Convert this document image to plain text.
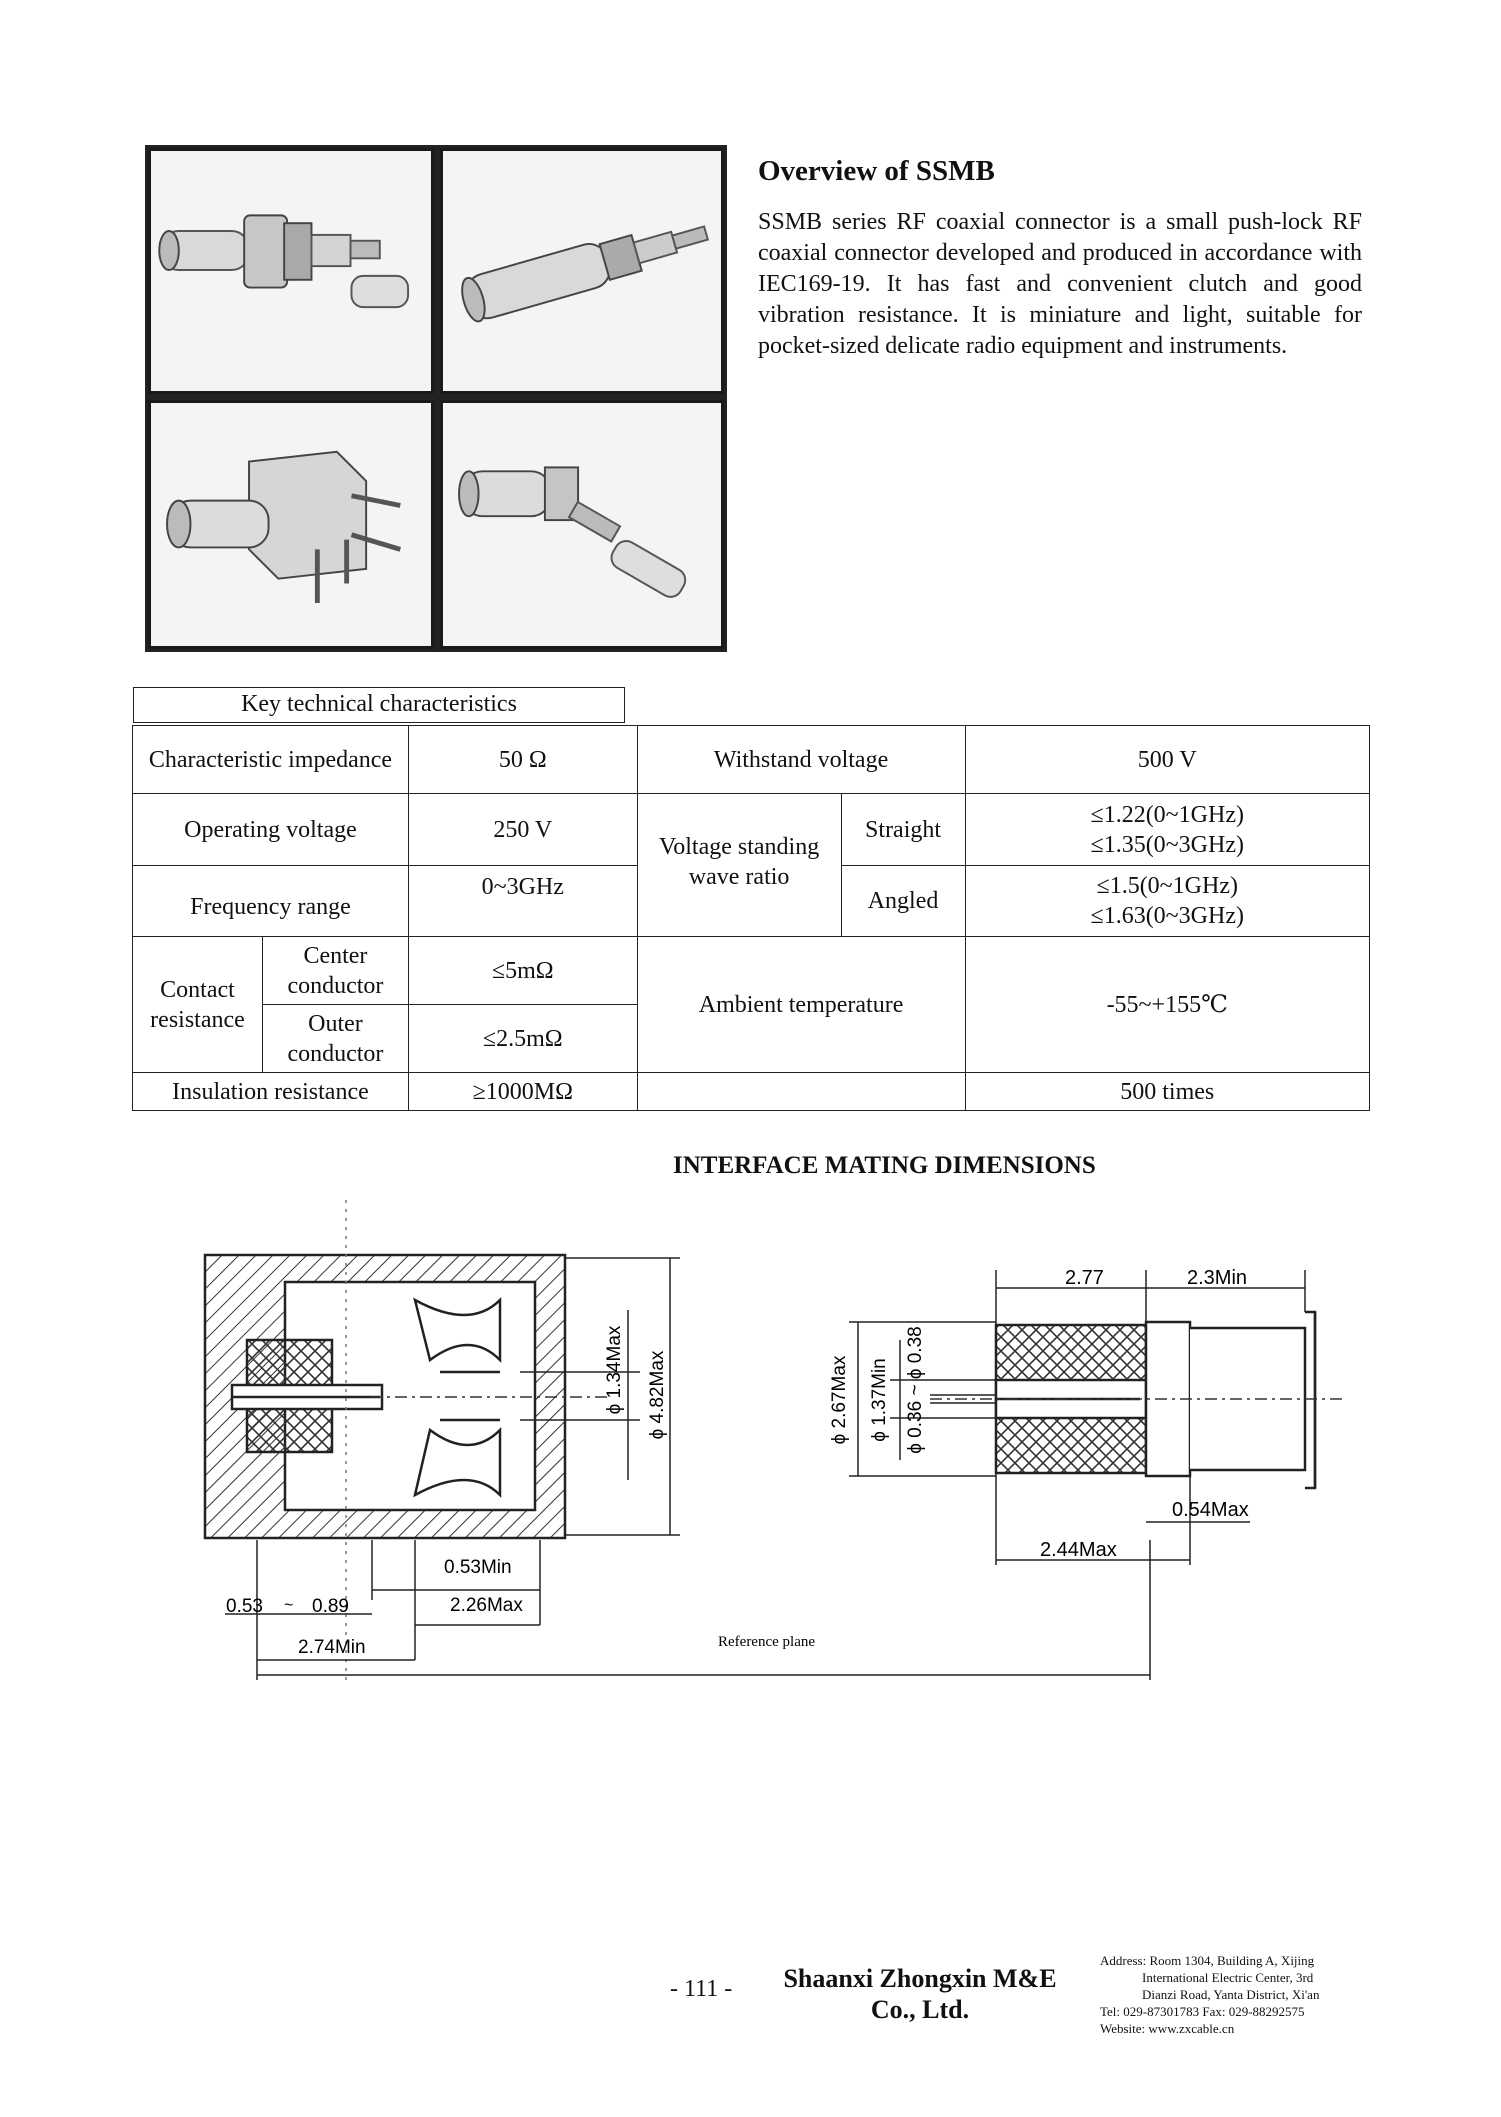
Overview of SSMB

SSMB series RF coaxial connector is a small push-lock RF coaxial connector developed and produced in accordance with IEC169-19. It has fast and convenient clutch and good vibration resistance. It is miniature and light, suitable for pocket-sized delicate radio equipment and instruments.

Key technical characteristics
Characteristic impedance		50 Ω	Withstand voltage		500 V
Operating voltage		250 V	Voltage standing wave ratio	Straight	≤1.22(0~1GHz)
≤1.35(0~3GHz)

Frequency range		0~3GHz		Angled	≤1.5(0~1GHz)
≤1.63(0~3GHz)

Contact resistance	Center conductor	≤5mΩ	Ambient temperature		-55~+155℃
	Outer conductor	≤2.5mΩ			
Insulation resistance		≥1000MΩ			500 times
INTERFACE MATING DIMENSIONS
ϕ 1.34Max ϕ 4.82Max
0.53Min
2.26Max
0.53 ~ 0.89
2.74Min	Reference plane
ϕ 2.67Max ϕ 1.37Min ϕ 0.36 ~ ϕ 0.38
2.77	2.3Min
0.54Max
2.44Max
- 111 -	Shaanxi Zhongxin M&E
Co., Ltd.
Address: Room 1304, Building A, Xijing
International Electric Center, 3rd
Dianzi Road, Yanta District, Xi'an
Tel: 029-87301783 Fax: 029-88292575
Website: www.zxcable.cn
